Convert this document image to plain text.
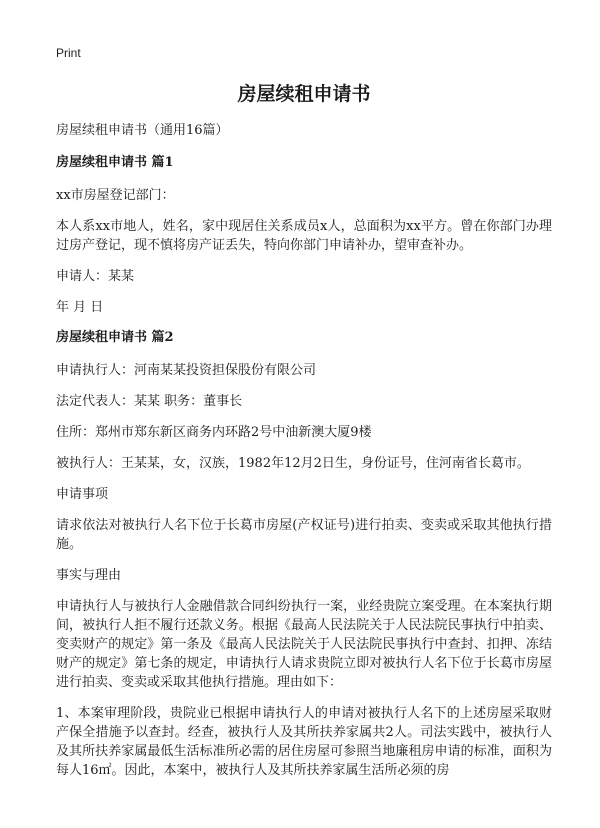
Print
房屋续租申请书
房屋续租申请书（通用16篇）
房屋续租申请书 篇1

xx市房屋登记部门：

本人系xx市地人，姓名，家中现居住关系成员x人，总面积为xx平方。曾在你部门办理过房产登记，现不慎将房产证丢失，特向你部门申请补办，望审查补办。

申请人：某某

年 月 日

房屋续租申请书 篇2

申请执行人：河南某某投资担保股份有限公司

法定代表人：某某 职务：董事长

住所：郑州市郑东新区商务内环路2号中油新澳大厦9楼

被执行人：王某某，女，汉族，1982年12月2日生，身份证号，住河南省长葛市。

申请事项

请求依法对被执行人名下位于长葛市房屋(产权证号)进行拍卖、变卖或采取其他执行措施。

事实与理由

申请执行人与被执行人金融借款合同纠纷执行一案，业经贵院立案受理。在本案执行期间，被执行人拒不履行还款义务。根据《最高人民法院关于人民法院民事执行中拍卖、变卖财产的规定》第一条及《最高人民法院关于人民法院民事执行中查封、扣押、冻结财产的规定》第七条的规定，申请执行人请求贵院立即对被执行人名下位于长葛市房屋进行拍卖、变卖或采取其他执行措施。理由如下：

1、本案审理阶段，贵院业已根据申请执行人的申请对被执行人名下的上述房屋采取财产保全措施予以查封。经查，被执行人及其所扶养家属共2人。司法实践中，被执行人及其所扶养家属最低生活标准所必需的居住房屋可参照当地廉租房申请的标准，面积为每人16㎡。因此，本案中，被执行人及其所扶养家属生活所必须的房
